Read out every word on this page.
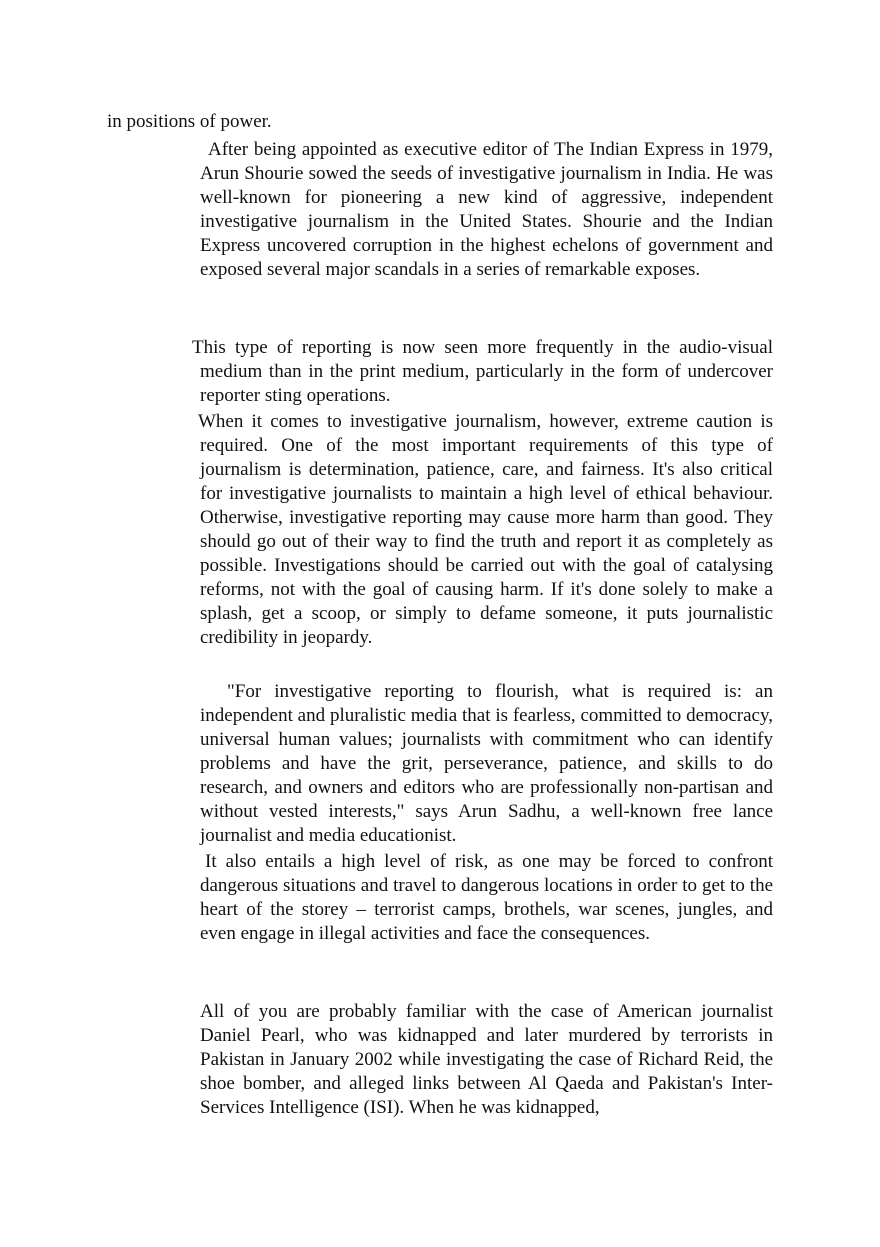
in positions of power.

After being appointed as executive editor of The Indian Express in 1979, Arun Shourie sowed the seeds of investigative journalism in India. He was well-known for pioneering a new kind of aggressive, independent investigative journalism in the United States. Shourie and the Indian Express uncovered corruption in the highest echelons of government and exposed several major scandals in a series of remarkable exposes.

This type of reporting is now seen more frequently in the audio-visual medium than in the print medium, particularly in the form of undercover reporter sting operations.

When it comes to investigative journalism, however, extreme caution is required. One of the most important requirements of this type of journalism is determination, patience, care, and fairness. It's also critical for investigative journalists to maintain a high level of ethical behaviour. Otherwise, investigative reporting may cause more harm than good. They should go out of their way to find the truth and report it as completely as possible. Investigations should be carried out with the goal of catalysing reforms, not with the goal of causing harm. If it's done solely to make a splash, get a scoop, or simply to defame someone, it puts journalistic credibility in jeopardy.

"For investigative reporting to flourish, what is required is: an independent and pluralistic media that is fearless, committed to democracy, universal human values; journalists with commitment who can identify problems and have the grit, perseverance, patience, and skills to do research, and owners and editors who are professionally non-partisan and without vested interests," says Arun Sadhu, a well-known free lance journalist and media educationist.

It also entails a high level of risk, as one may be forced to confront dangerous situations and travel to dangerous locations in order to get to the heart of the storey – terrorist camps, brothels, war scenes, jungles, and even engage in illegal activities and face the consequences.

All of you are probably familiar with the case of American journalist Daniel Pearl, who was kidnapped and later murdered by terrorists in Pakistan in January 2002 while investigating the case of Richard Reid, the shoe bomber, and alleged links between Al Qaeda and Pakistan's Inter-Services Intelligence (ISI). When he was kidnapped,
